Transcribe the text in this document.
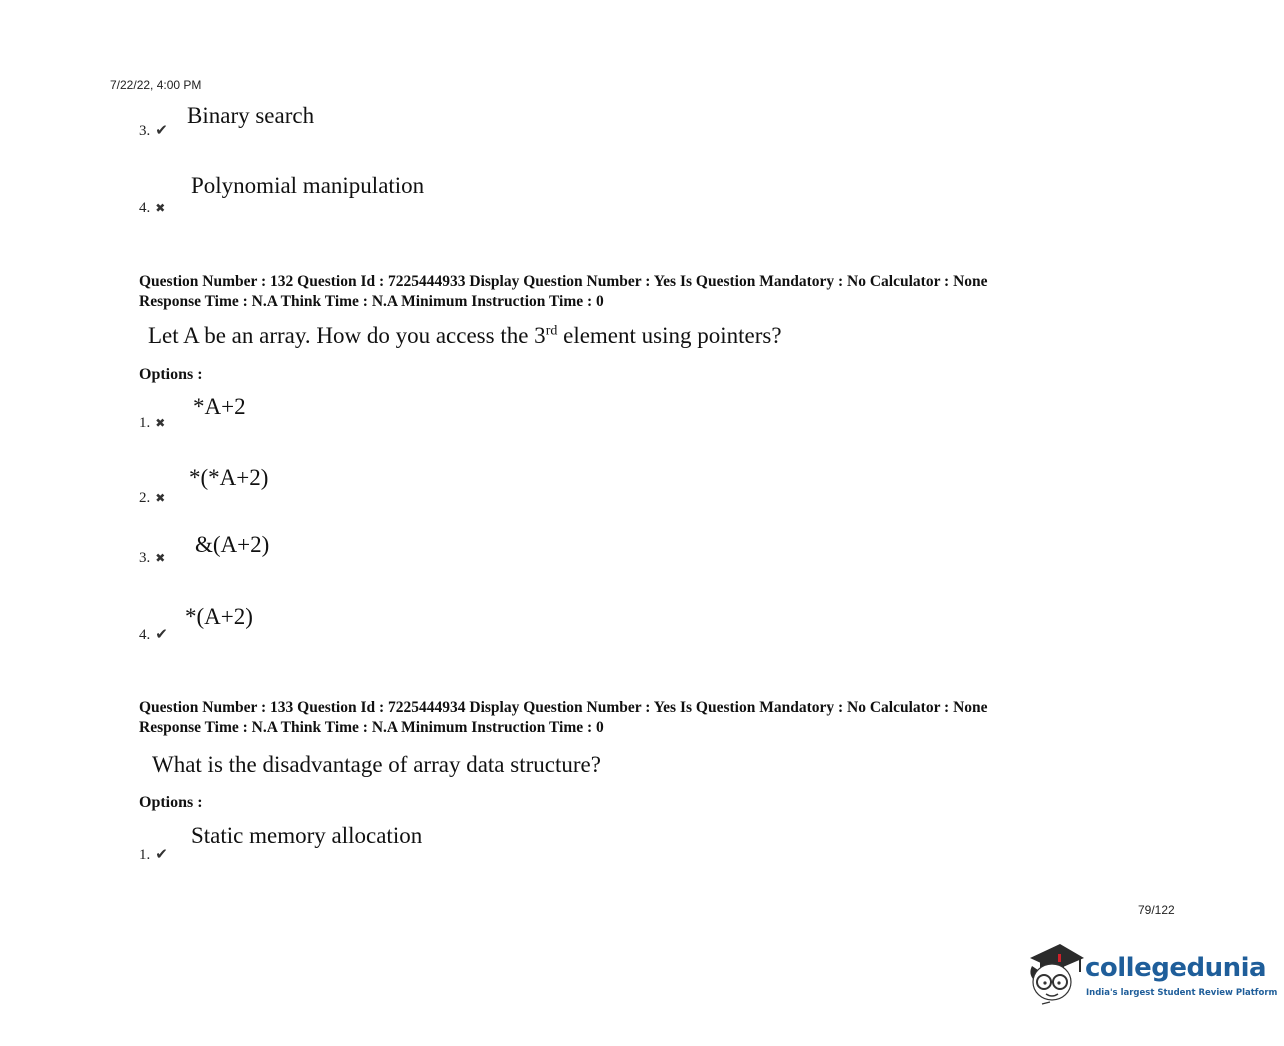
7/22/22, 4:00 PM
3. ✔
Binary search
4. ✖
Polynomial manipulation
Question Number : 132 Question Id : 7225444933 Display Question Number : Yes Is Question Mandatory : No Calculator : None
Response Time : N.A Think Time : N.A Minimum Instruction Time : 0
Let A be an array. How do you access the 3rd element using pointers?
Options :
1. ✖
*A+2
2. ✖
*(*A+2)
3. ✖
&(A+2)
4. ✔
*(A+2)
Question Number : 133 Question Id : 7225444934 Display Question Number : Yes Is Question Mandatory : No Calculator : None
Response Time : N.A Think Time : N.A Minimum Instruction Time : 0
What is the disadvantage of array data structure?
Options :
1. ✔
Static memory allocation
79/122
collegedunia
India's largest Student Review Platform
